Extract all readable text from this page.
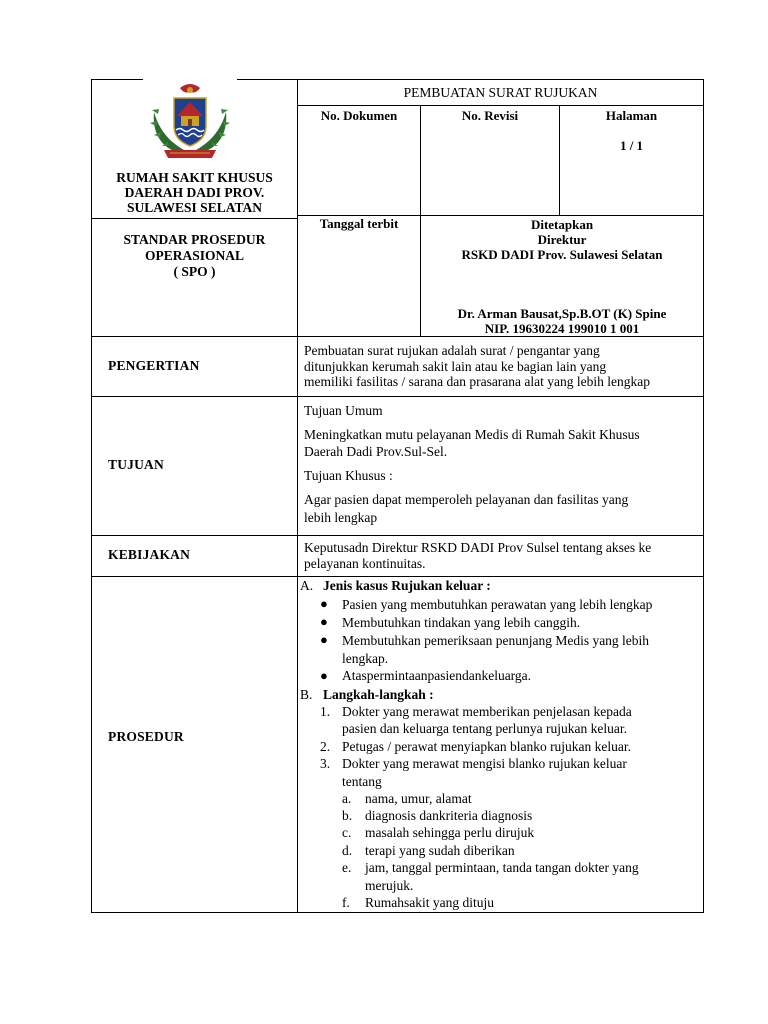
RUMAH SAKIT KHUSUS
DAERAH DADI PROV.
SULAWESI SELATAN
PEMBUATAN SURAT RUJUKAN
No. Dokumen	No. Revisi	Halaman
1 / 1
STANDAR PROSEDUR
OPERASIONAL
( SPO )
Tanggal terbit	Ditetapkan
Direktur
RSKD DADI Prov. Sulawesi Selatan
Dr. Arman Bausat,Sp.B.OT (K) Spine
NIP. 19630224 199010 1 001
PENGERTIAN
Pembuatan surat rujukan adalah surat / pengantar yang
ditunjukkan kerumah sakit lain atau ke bagian lain yang
memiliki fasilitas / sarana dan prasarana alat yang lebih lengkap
TUJUAN
Tujuan Umum
Meningkatkan mutu pelayanan Medis di Rumah Sakit Khusus
Daerah Dadi Prov.Sul-Sel.
Tujuan Khusus :
Agar pasien dapat memperoleh pelayanan dan fasilitas yang
lebih lengkap
KEBIJAKAN	Keputusadn Direktur RSKD DADI Prov Sulsel tentang akses ke
pelayanan kontinuitas.
PROSEDUR
A. Jenis kasus Rujukan keluar :
● Pasien yang membutuhkan perawatan yang lebih lengkap
● Membutuhkan tindakan yang lebih canggih.
● Membutuhkan pemeriksaan penunjang Medis yang lebih
lengkap.
● Ataspermintaanpasiendankeluarga.
B. Langkah-langkah :
1. Dokter yang merawat memberikan penjelasan kepada
pasien dan keluarga tentang perlunya rujukan keluar.
2. Petugas / perawat menyiapkan blanko rujukan keluar.
3. Dokter yang merawat mengisi blanko rujukan keluar
tentang
a. nama, umur, alamat
b. diagnosis dankriteria diagnosis
c. masalah sehingga perlu dirujuk
d. terapi yang sudah diberikan
e. jam, tanggal permintaan, tanda tangan dokter yang
merujuk.
f. Rumahsakit yang dituju
